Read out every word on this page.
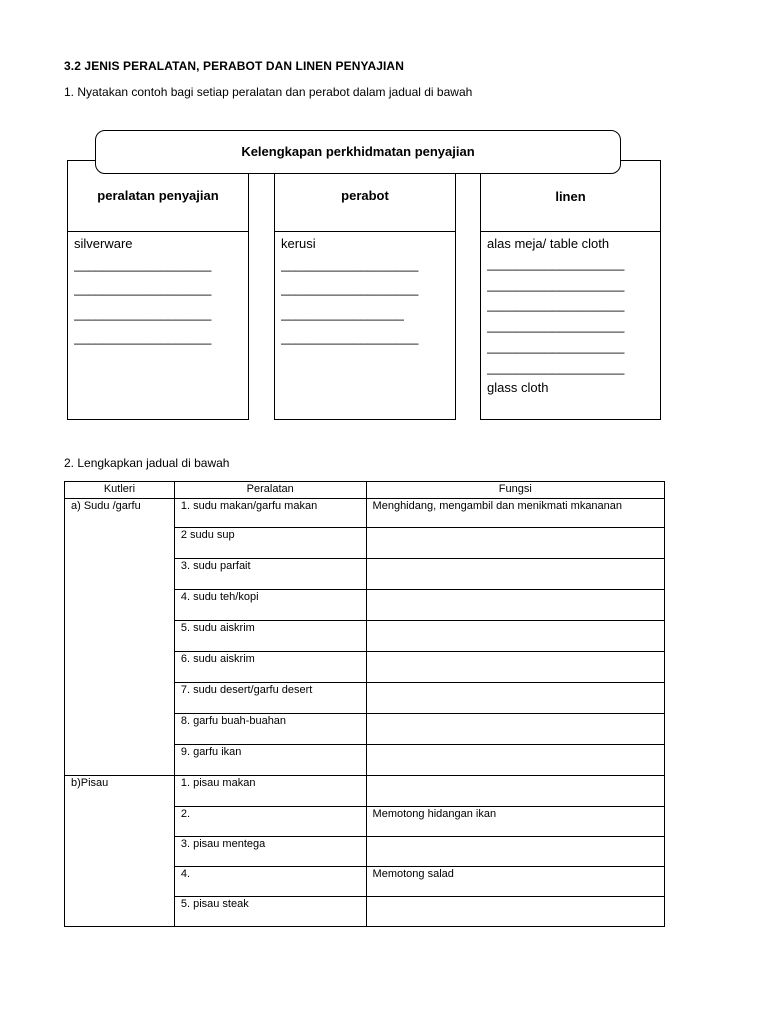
3.2 JENIS PERALATAN, PERABOT DAN LINEN PENYAJIAN
1. Nyatakan contoh bagi setiap peralatan dan perabot dalam jadual di bawah
peralatan penyajian
silverware
___________________
___________________
___________________
___________________
perabot
kerusi
___________________
___________________
_________________
___________________
linen
alas meja/ table cloth
___________________
___________________
___________________
___________________
___________________
___________________
glass cloth
Kelengkapan perkhidmatan penyajian
2. Lengkapkan jadual di bawah
Kutleri	Peralatan	Fungsi
a) Sudu /garfu	1. sudu makan/garfu makan	Menghidang, mengambil dan menikmati mkananan
	2 sudu sup	
	3. sudu parfait	
	4. sudu teh/kopi	
	5. sudu aiskrim	
	6. sudu aiskrim	
	7. sudu desert/garfu desert	
	8. garfu buah-buahan	
	9. garfu ikan	
b)Pisau	1. pisau makan	
	2.	Memotong hidangan ikan
	3. pisau mentega	
	4.	Memotong salad
	5. pisau steak	
